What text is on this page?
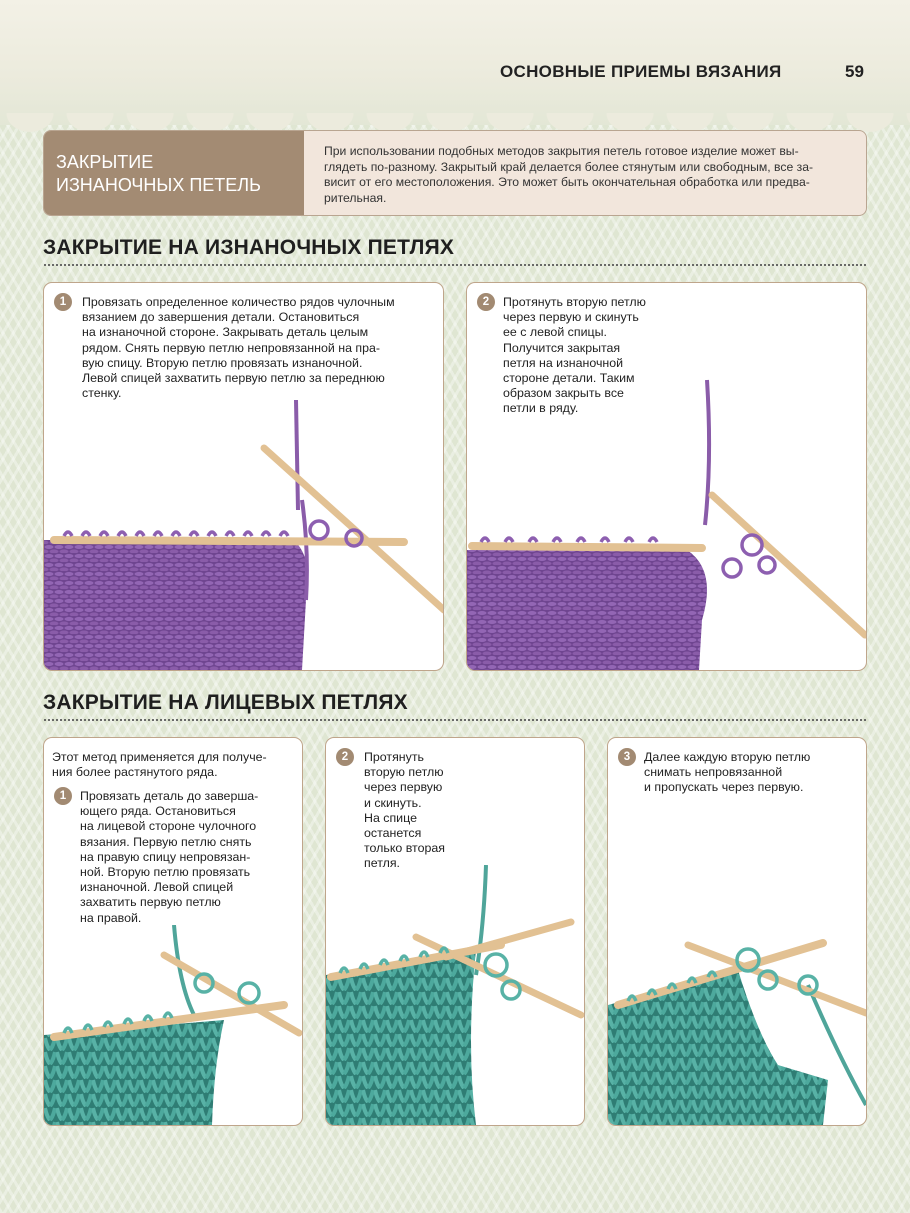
ОСНОВНЫЕ ПРИЕМЫ ВЯЗАНИЯ	59
ЗАКРЫТИЕ
ИЗНАНОЧНЫХ ПЕТЕЛЬ
При использовании подобных методов закрытия петель готовое изделие может вы-
глядеть по-разному. Закрытый край делается более стянутым или свободным, все за-
висит от его местоположения. Это может быть окончательная обработка или предва-
рительная.
ЗАКРЫТИЕ НА ИЗНАНОЧНЫХ ПЕТЛЯХ
1	Провязать определенное количество рядов чулочным
вязанием до завершения детали. Остановиться
на изнаночной стороне. Закрывать деталь целым
рядом. Снять первую петлю непровязанной на пра-
вую спицу. Вторую петлю провязать изнаночной.
Левой спицей захватить первую петлю за переднюю
стенку.
2	Протянуть вторую петлю
через первую и скинуть
ее с левой спицы.
Получится закрытая
петля на изнаночной
стороне детали. Таким
образом закрыть все
петли в ряду.
ЗАКРЫТИЕ НА ЛИЦЕВЫХ ПЕТЛЯХ
Этот метод применяется для получе-
ния более растянутого ряда.
1	Провязать деталь до заверша-
ющего ряда. Остановиться
на лицевой стороне чулочного
вязания. Первую петлю снять
на правую спицу непровязан-
ной. Вторую петлю провязать
изнаночной. Левой спицей
захватить первую петлю
на правой.
2	Протянуть
вторую петлю
через первую
и скинуть.
На спице
останется
только вторая
петля.
3	Далее каждую вторую петлю
снимать непровязанной
и пропускать через первую.
